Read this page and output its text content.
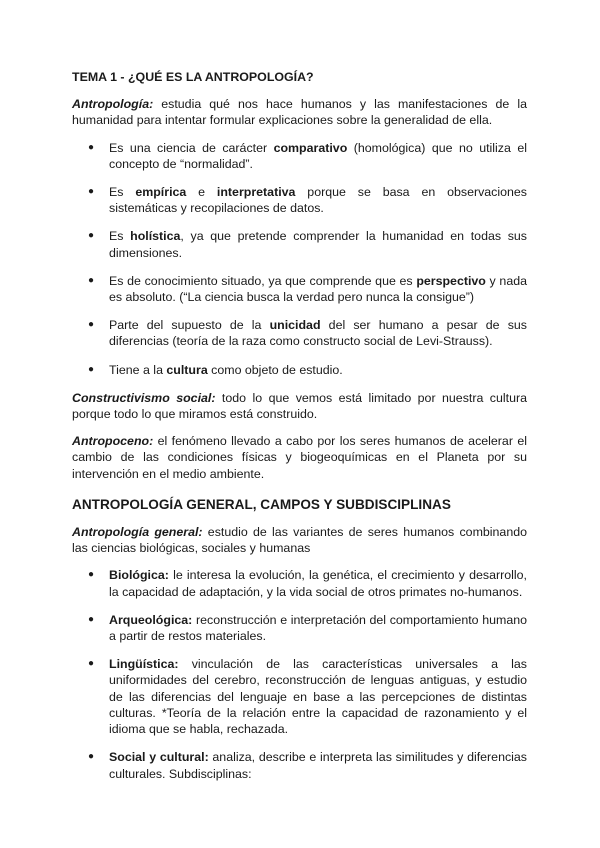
TEMA 1 - ¿QUÉ ES LA ANTROPOLOGÍA?

Antropología: estudia qué nos hace humanos y las manifestaciones de la humanidad para intentar formular explicaciones sobre la generalidad de ella.

● Es una ciencia de carácter comparativo (homológica) que no utiliza el concepto de “normalidad”.
● Es empírica e interpretativa porque se basa en observaciones sistemáticas y recopilaciones de datos.
● Es holística, ya que pretende comprender la humanidad en todas sus dimensiones.
● Es de conocimiento situado, ya que comprende que es perspectivo y nada es absoluto. (“La ciencia busca la verdad pero nunca la consigue”)
● Parte del supuesto de la unicidad del ser humano a pesar de sus diferencias (teoría de la raza como constructo social de Levi-Strauss).
● Tiene a la cultura como objeto de estudio.

Constructivismo social: todo lo que vemos está limitado por nuestra cultura porque todo lo que miramos está construido.

Antropoceno: el fenómeno llevado a cabo por los seres humanos de acelerar el cambio de las condiciones físicas y biogeoquímicas en el Planeta por su intervención en el medio ambiente.

ANTROPOLOGÍA GENERAL, CAMPOS Y SUBDISCIPLINAS

Antropología general: estudio de las variantes de seres humanos combinando las ciencias biológicas, sociales y humanas

● Biológica: le interesa la evolución, la genética, el crecimiento y desarrollo, la capacidad de adaptación, y la vida social de otros primates no-humanos.
● Arqueológica: reconstrucción e interpretación del comportamiento humano a partir de restos materiales.
● Lingüística: vinculación de las características universales a las uniformidades del cerebro, reconstrucción de lenguas antiguas, y estudio de las diferencias del lenguaje en base a las percepciones de distintas culturas. *Teoría de la relación entre la capacidad de razonamiento y el idioma que se habla, rechazada.
● Social y cultural: analiza, describe e interpreta las similitudes y diferencias culturales. Subdisciplinas:
